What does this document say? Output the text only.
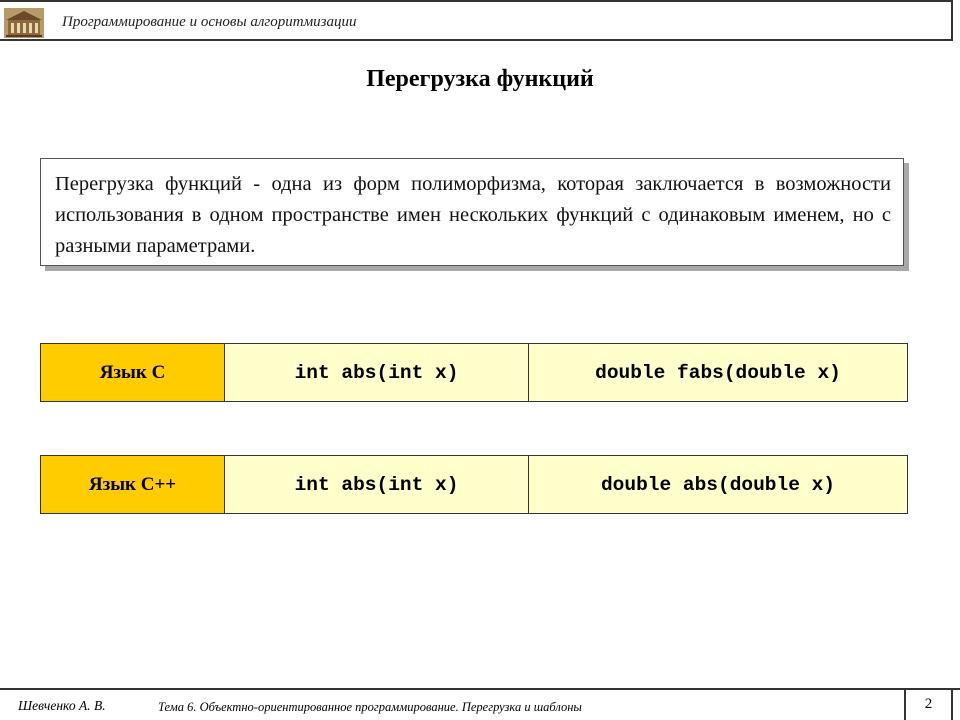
Программирование и основы алгоритмизации
Перегрузка функций
Перегрузка функций - одна из форм полиморфизма, которая заключается в возможности использования в одном пространстве имен нескольких функций с одинаковым именем, но с разными параметрами.
Язык С	int abs(int x)	double fabs(double x)
Язык С++	int abs(int x)	double abs(double x)
Шевченко А. В.	Тема 6. Объектно-ориентированное программирование. Перегрузка и шаблоны	2
